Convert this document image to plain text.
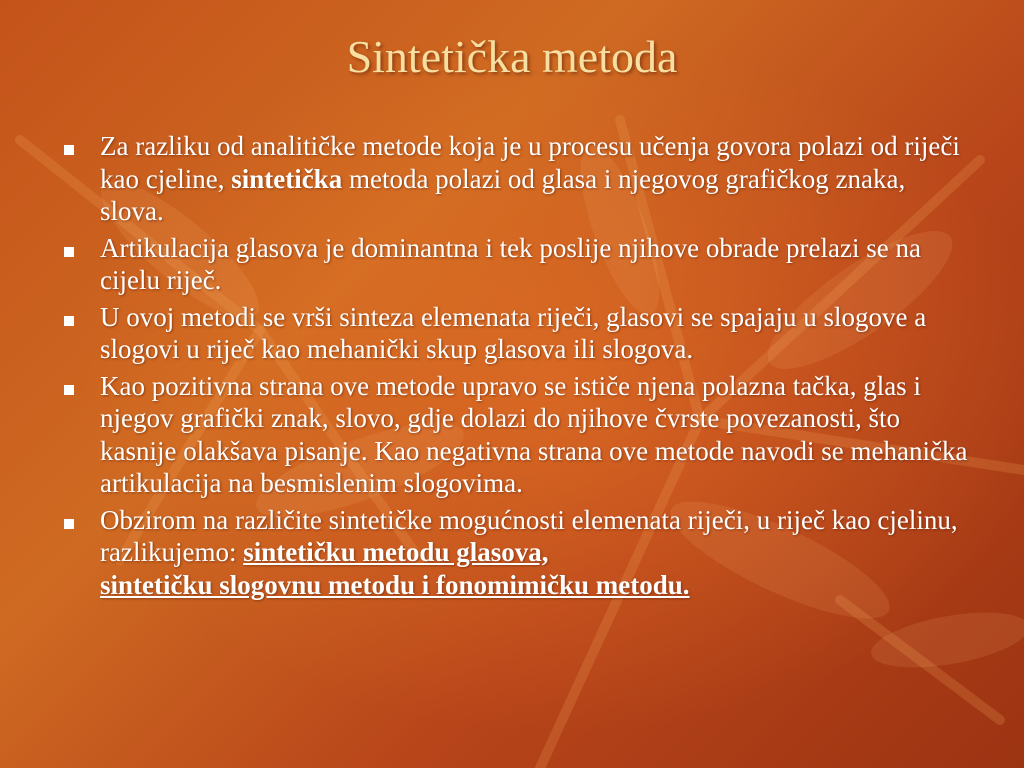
Sintetička metoda
Za razliku od analitičke metode koja je u procesu učenja govora polazi od riječi kao cjeline, sintetička metoda polazi od glasa i njegovog grafičkog znaka, slova.
Artikulacija glasova je dominantna i tek poslije njihove obrade prelazi se na cijelu riječ.
U ovoj metodi se vrši sinteza elemenata riječi, glasovi se spajaju u slogove a slogovi u riječ kao mehanički skup glasova ili slogova.
Kao pozitivna strana ove metode upravo se ističe njena polazna tačka, glas i njegov grafički znak, slovo, gdje dolazi do njihove čvrste povezanosti, što kasnije olakšava pisanje. Kao negativna strana ove metode navodi se mehanička artikulacija na besmislenim slogovima.
Obzirom na različite sintetičke mogućnosti elemenata riječi, u riječ kao cjelinu, razlikujemo: sintetičku metodu glasova,
sintetičku slogovnu metodu i fonomimičku metodu.
